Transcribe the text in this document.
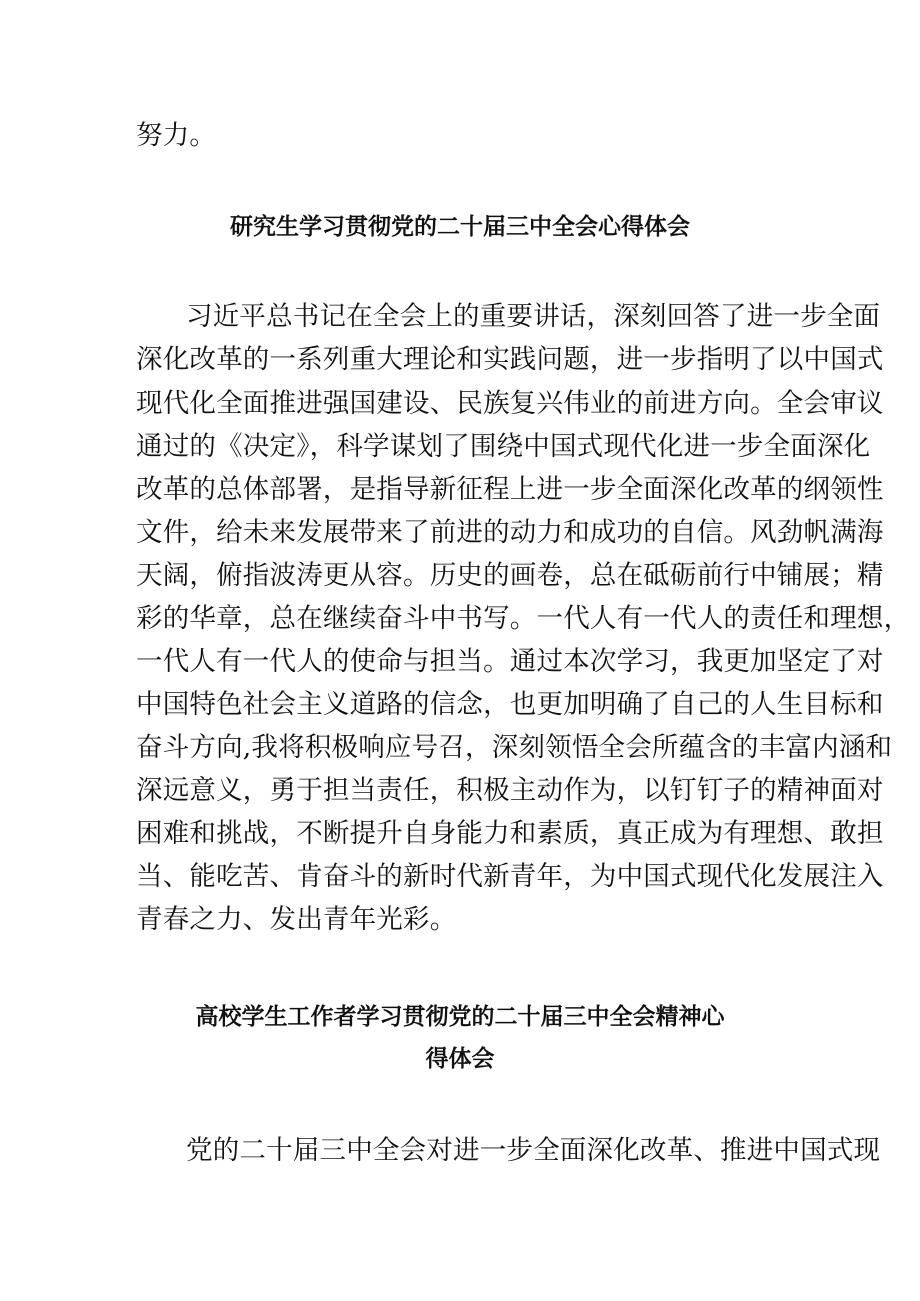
努力。
研究生学习贯彻党的二十届三中全会心得体会
习近平总书记在全会上的重要讲话，深刻回答了进一步全面
深化改革的一系列重大理论和实践问题，进一步指明了以中国式
现代化全面推进强国建设、民族复兴伟业的前进方向。全会审议
通过的《决定》，科学谋划了围绕中国式现代化进一步全面深化
改革的总体部署，是指导新征程上进一步全面深化改革的纲领性
文件，给未来发展带来了前进的动力和成功的自信。风劲帆满海
天阔，俯指波涛更从容。历史的画卷，总在砥砺前行中铺展；精
彩的华章，总在继续奋斗中书写。一代人有一代人的责任和理想，
一代人有一代人的使命与担当。通过本次学习，我更加坚定了对
中国特色社会主义道路的信念，也更加明确了自己的人生目标和
奋斗方向,我将积极响应号召，深刻领悟全会所蕴含的丰富内涵和
深远意义，勇于担当责任，积极主动作为，以钉钉子的精神面对
困难和挑战，不断提升自身能力和素质，真正成为有理想、敢担
当、能吃苦、肯奋斗的新时代新青年，为中国式现代化发展注入
青春之力、发出青年光彩。
高校学生工作者学习贯彻党的二十届三中全会精神心
得体会
党的二十届三中全会对进一步全面深化改革、推进中国式现
